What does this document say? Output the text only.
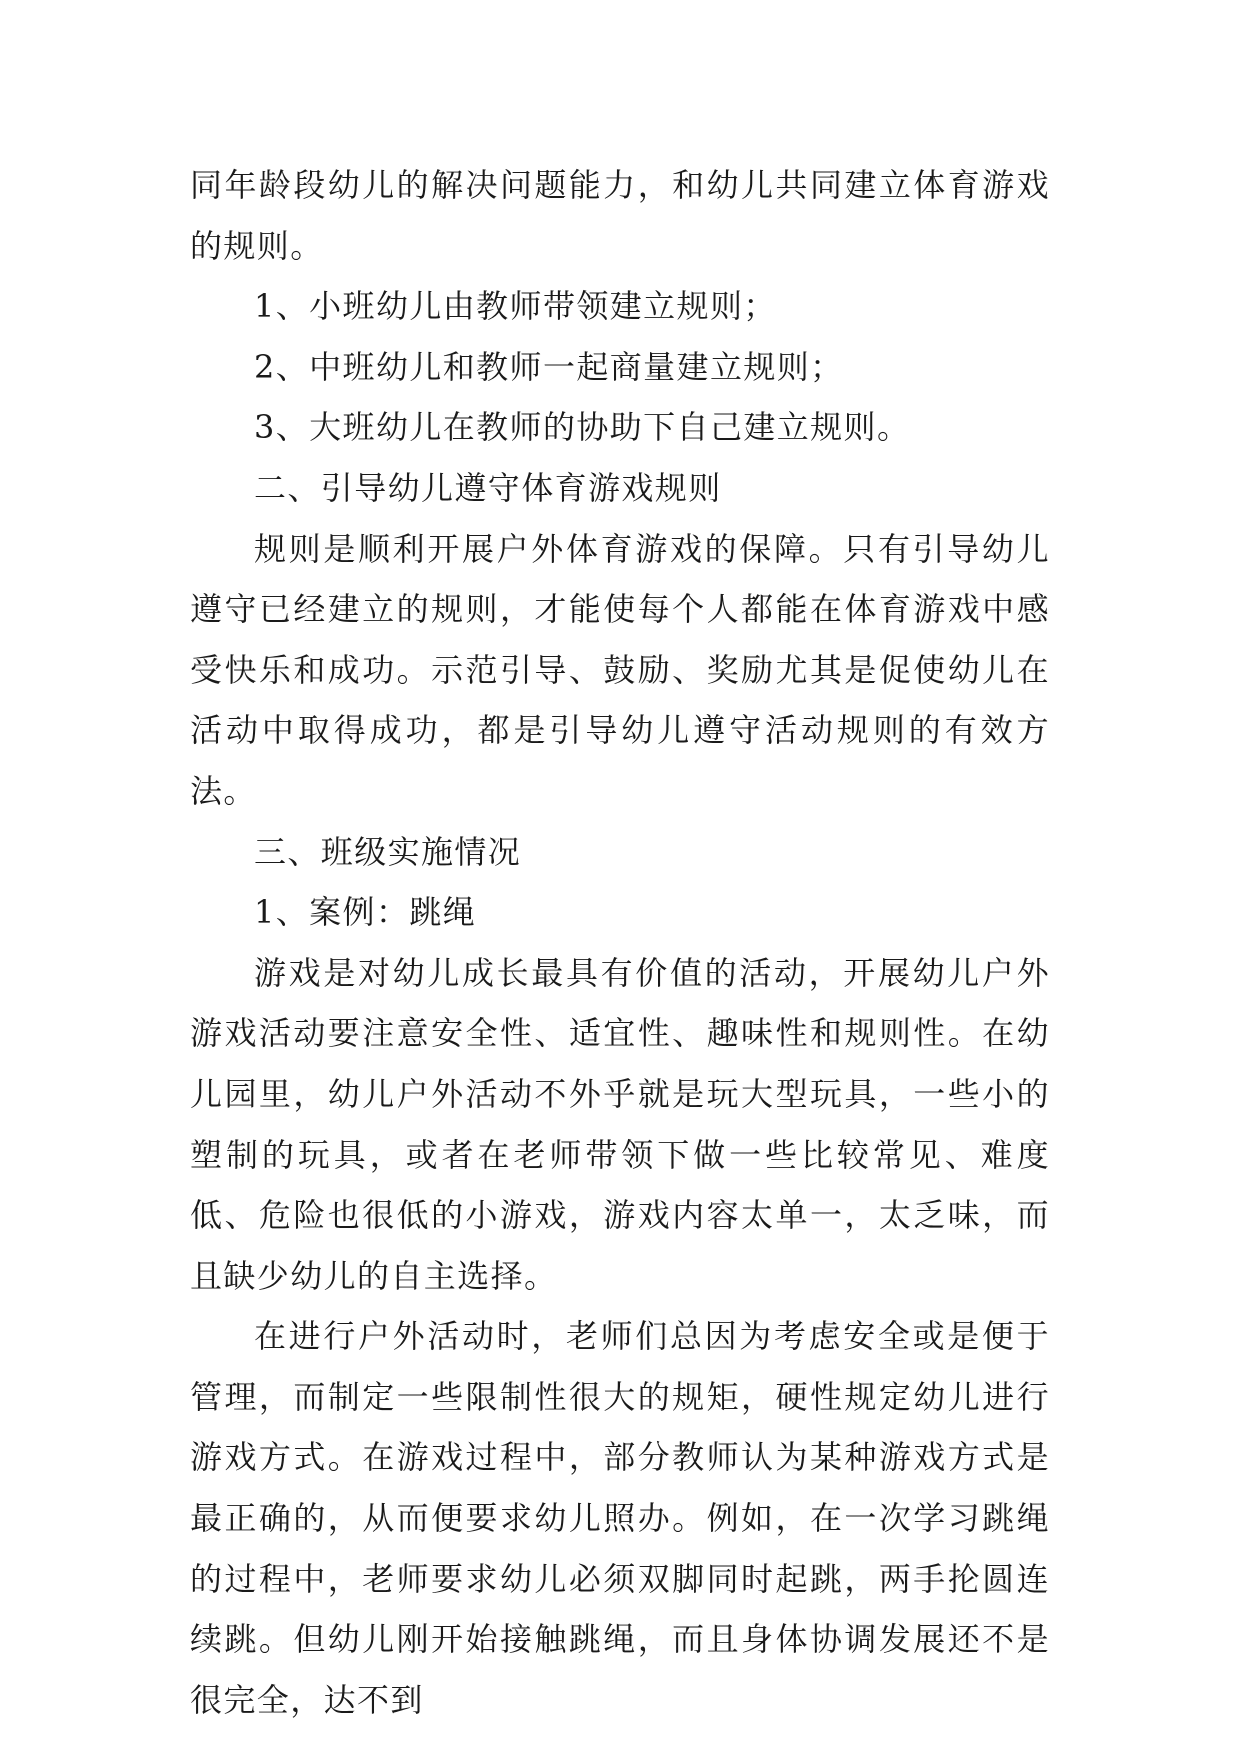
同年龄段幼儿的解决问题能力，和幼儿共同建立体育游戏的规则。

1、小班幼儿由教师带领建立规则；

2、中班幼儿和教师一起商量建立规则；

3、大班幼儿在教师的协助下自己建立规则。

二、引导幼儿遵守体育游戏规则

规则是顺利开展户外体育游戏的保障。只有引导幼儿遵守已经建立的规则，才能使每个人都能在体育游戏中感受快乐和成功。示范引导、鼓励、奖励尤其是促使幼儿在活动中取得成功，都是引导幼儿遵守活动规则的有效方法。

三、班级实施情况

1、案例：跳绳

游戏是对幼儿成长最具有价值的活动，开展幼儿户外游戏活动要注意安全性、适宜性、趣味性和规则性。在幼儿园里，幼儿户外活动不外乎就是玩大型玩具，一些小的塑制的玩具，或者在老师带领下做一些比较常见、难度低、危险也很低的小游戏，游戏内容太单一，太乏味，而且缺少幼儿的自主选择。

在进行户外活动时，老师们总因为考虑安全或是便于管理，而制定一些限制性很大的规矩，硬性规定幼儿进行游戏方式。在游戏过程中，部分教师认为某种游戏方式是最正确的，从而便要求幼儿照办。例如，在一次学习跳绳的过程中，老师要求幼儿必须双脚同时起跳，两手抡圆连续跳。但幼儿刚开始接触跳绳，而且身体协调发展还不是很完全，达不到
